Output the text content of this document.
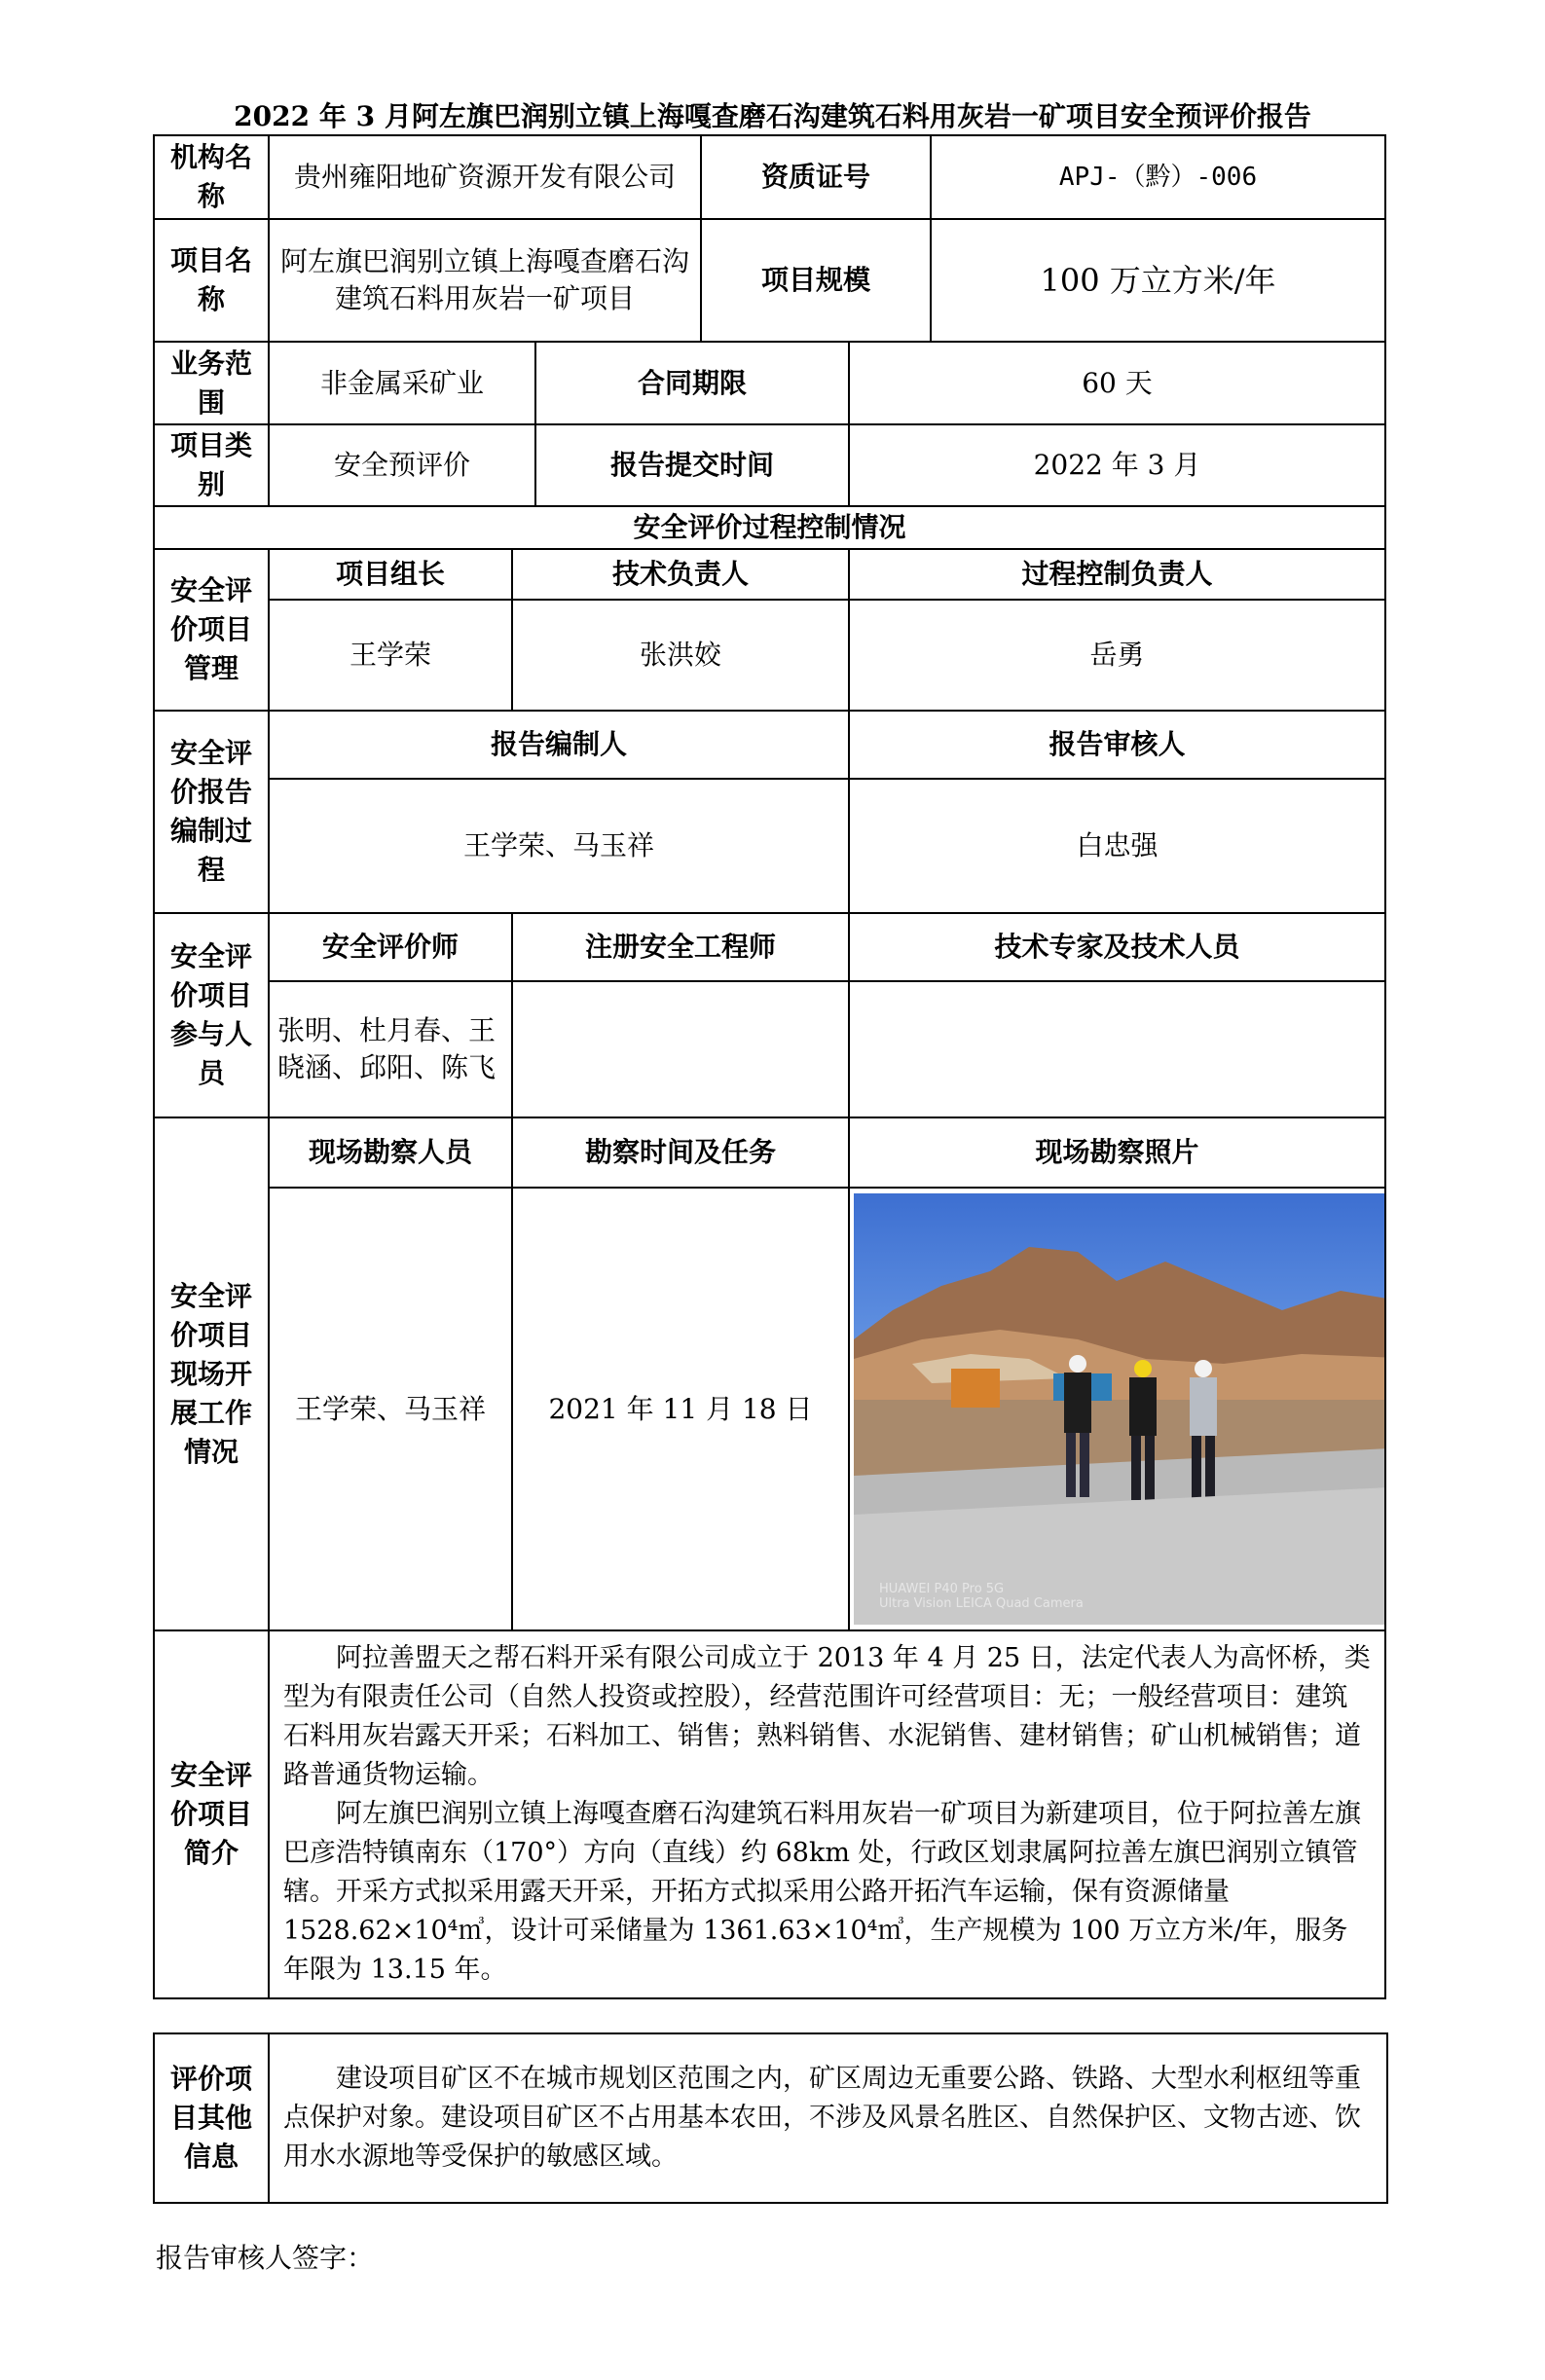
2022 年 3 月阿左旗巴润别立镇上海嘎查磨石沟建筑石料用灰岩一矿项目安全预评价报告
机构名称	贵州雍阳地矿资源开发有限公司			资质证号		APJ-（黔）-006
项目名称	阿左旗巴润别立镇上海嘎查磨石沟建筑石料用灰岩一矿项目			项目规模		100 万立方米/年
业务范围	非金属采矿业		合同期限		60 天	
项目类别	安全预评价		报告提交时间		2022 年 3 月	
安全评价过程控制情况						
安全评价项目管理	项目组长	技术负责人			过程控制负责人	
	王学荣	张洪姣			岳勇	
安全评价报告编制过程	报告编制人				报告审核人	
	王学荣、马玉祥				白忠强	
安全评价项目参与人员	安全评价师	注册安全工程师			技术专家及技术人员	
	张明、杜月春、王晓涵、邱阳、陈飞					
安全评价项目现场开展工作情况	现场勘察人员	勘察时间及任务			现场勘察照片	
	王学荣、马玉祥	2021 年 11 月 18 日			HUAWEI P40 Pro 5G
Ultra Vision LEICA Quad Camera	

安全评价项目简介	阿拉善盟天之帮石料开采有限公司成立于 2013 年 4 月 25 日，法定代表人为高怀桥，类型为有限责任公司（自然人投资或控股），经营范围许可经营项目：无；一般经营项目：建筑石料用灰岩露天开采；石料加工、销售；熟料销售、水泥销售、建材销售；矿山机械销售；道路普通货物运输。

阿左旗巴润别立镇上海嘎查磨石沟建筑石料用灰岩一矿项目为新建项目，位于阿拉善左旗巴彦浩特镇南东（170°）方向（直线）约 68km 处，行政区划隶属阿拉善左旗巴润别立镇管辖。开采方式拟采用露天开采，开拓方式拟采用公路开拓汽车运输，保有资源储量 1528.62×10⁴㎥，设计可采储量为 1361.63×10⁴㎥，生产规模为 100 万立方米/年，服务年限为 13.15 年。					

评价项目其他信息	建设项目矿区不在城市规划区范围之内，矿区周边无重要公路、铁路、大型水利枢纽等重点保护对象。建设项目矿区不占用基本农田，不涉及风景名胜区、自然保护区、文物古迹、饮用水水源地等受保护的敏感区域。
报告审核人签字：
